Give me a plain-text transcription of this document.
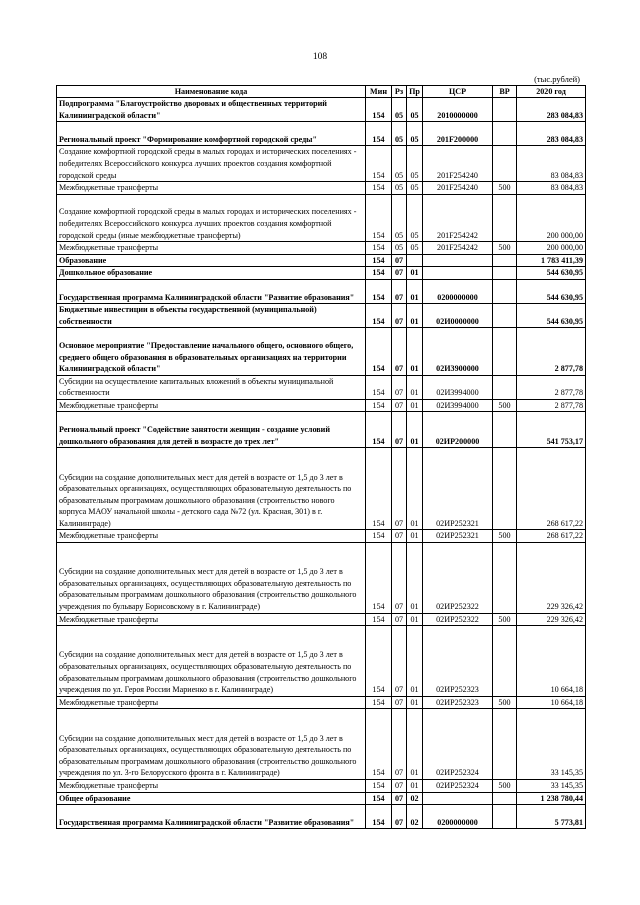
108
(тыс.рублей)
Наименование кода	Мин	Рз	Пр	ЦСР	ВР	2020 год
Подпрограмма "Благоустройство дворовых и общественных территорий Калининградской области"	154	05	05	2010000000		283 084,83
Региональный проект "Формирование комфортной городской среды"	154	05	05	201F200000		283 084,83
Создание комфортной городской среды в малых городах и исторических поселениях - победителях Всероссийского конкурса лучших проектов создания комфортной городской среды	154	05	05	201F254240		83 084,83
Межбюджетные трансферты	154	05	05	201F254240	500	83 084,83
Создание комфортной городской среды в малых городах и исторических поселениях - победителях Всероссийского конкурса лучших проектов создания комфортной городской среды (иные межбюджетные трансферты)	154	05	05	201F254242		200 000,00
Межбюджетные трансферты	154	05	05	201F254242	500	200 000,00
Образование	154	07				1 783 411,39
Дошкольное образование	154	07	01			544 630,95
Государственная программа Калининградской области "Развитие образования"	154	07	01	0200000000		544 630,95
Бюджетные инвестиции в объекты государственной (муниципальной) собственности	154	07	01	02И0000000		544 630,95
Основное мероприятие "Предоставление начального общего, основного общего, среднего общего образования в образовательных организациях на территории Калининградской области"	154	07	01	02И3900000		2 877,78
Субсидии на осуществление капитальных вложений в объекты муниципальной собственности	154	07	01	02И3994000		2 877,78
Межбюджетные трансферты	154	07	01	02И3994000	500	2 877,78
Региональный проект "Содействие занятости женщин - создание условий дошкольного образования для детей в возрасте до трех лет"	154	07	01	02ИР200000		541 753,17
Субсидии на создание дополнительных мест для детей в возрасте от 1,5 до 3 лет в образовательных организациях, осуществляющих образовательную деятельность по образовательным программам дошкольного образования (строительство нового корпуса МАОУ начальной школы - детского сада №72 (ул. Красная, 301) в г. Калининграде)	154	07	01	02ИР252321		268 617,22
Межбюджетные трансферты	154	07	01	02ИР252321	500	268 617,22
Субсидии на создание дополнительных мест для детей в возрасте от 1,5 до 3 лет в образовательных организациях, осуществляющих образовательную деятельность по образовательным программам дошкольного образования (строительство дошкольного учреждения по бульвару Борисовскому в г. Калининграде)	154	07	01	02ИР252322		229 326,42
Межбюджетные трансферты	154	07	01	02ИР252322	500	229 326,42
Субсидии на создание дополнительных мест для детей в возрасте от 1,5 до 3 лет в образовательных организациях, осуществляющих образовательную деятельность по образовательным программам дошкольного образования (строительство дошкольного учреждения по ул. Героя России Мариенко в г. Калининграде)	154	07	01	02ИР252323		10 664,18
Межбюджетные трансферты	154	07	01	02ИР252323	500	10 664,18
Субсидии на создание дополнительных мест для детей в возрасте от 1,5 до 3 лет в образовательных организациях, осуществляющих образовательную деятельность по образовательным программам дошкольного образования (строительство дошкольного учреждения по ул. 3-го Белорусского фронта в г. Калининграде)	154	07	01	02ИР252324		33 145,35
Межбюджетные трансферты	154	07	01	02ИР252324	500	33 145,35
Общее образование	154	07	02			1 238 780,44
Государственная программа Калининградской области "Развитие образования"	154	07	02	0200000000		5 773,81
